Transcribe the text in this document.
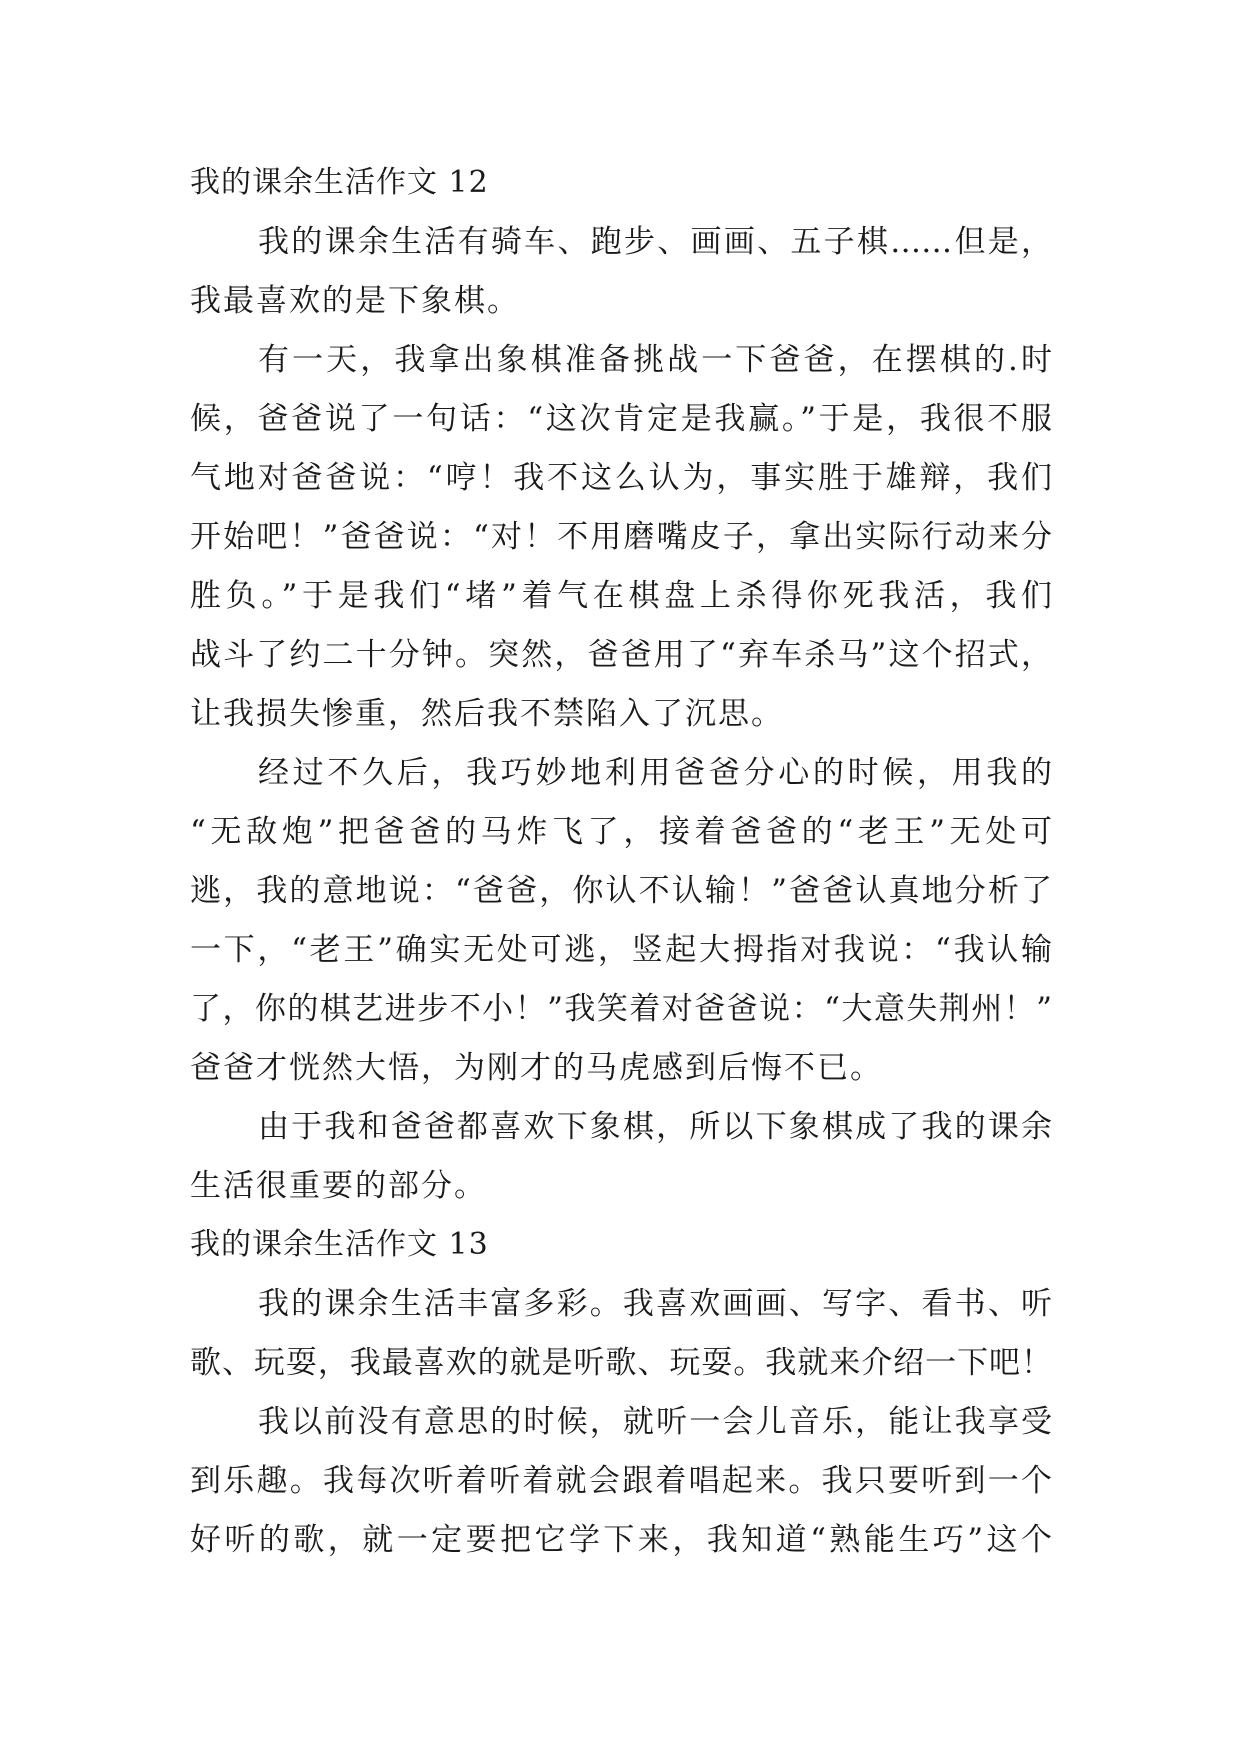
我的课余生活作文 12
我的课余生活有骑车、跑步、画画、五子棋……但是，
我最喜欢的是下象棋。
有一天，我拿出象棋准备挑战一下爸爸，在摆棋的.时
候，爸爸说了一句话：“这次肯定是我赢。”于是，我很不服
气地对爸爸说：“哼！我不这么认为，事实胜于雄辩，我们
开始吧！”爸爸说：“对！不用磨嘴皮子，拿出实际行动来分
胜负。”于是我们“堵”着气在棋盘上杀得你死我活，我们
战斗了约二十分钟。突然，爸爸用了“弃车杀马”这个招式，
让我损失惨重，然后我不禁陷入了沉思。
经过不久后，我巧妙地利用爸爸分心的时候，用我的
“无敌炮”把爸爸的马炸飞了，接着爸爸的“老王”无处可
逃，我的意地说：“爸爸，你认不认输！”爸爸认真地分析了
一下，“老王”确实无处可逃，竖起大拇指对我说：“我认输
了，你的棋艺进步不小！”我笑着对爸爸说：“大意失荆州！”
爸爸才恍然大悟，为刚才的马虎感到后悔不已。
由于我和爸爸都喜欢下象棋，所以下象棋成了我的课余
生活很重要的部分。
我的课余生活作文 13
我的课余生活丰富多彩。我喜欢画画、写字、看书、听
歌、玩耍，我最喜欢的就是听歌、玩耍。我就来介绍一下吧！
我以前没有意思的时候，就听一会儿音乐，能让我享受
到乐趣。我每次听着听着就会跟着唱起来。我只要听到一个
好听的歌，就一定要把它学下来，我知道“熟能生巧”这个
